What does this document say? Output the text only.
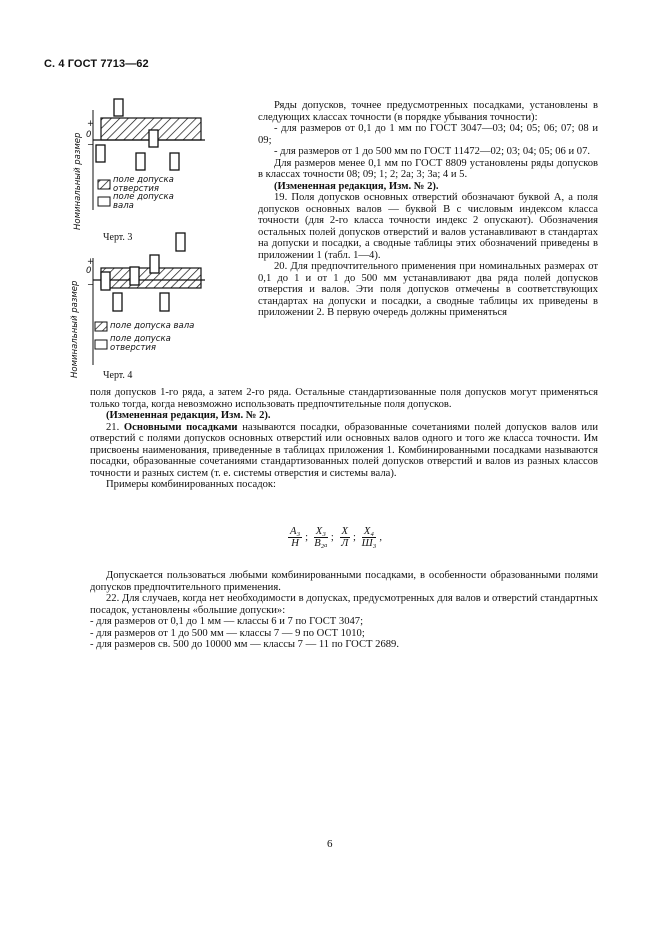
С. 4 ГОСТ 7713—62
Номинальный размер
+
0
−
поле допуска
отверстия
поле допуска
вала
Черт. 3
Номинальный размер
+
0
−
поле допуска вала
поле допуска
отверстия
Черт. 4

Ряды допусков, точнее предусмотренных посадками, установлены в следующих классах точности (в порядке убывания точности):

- для размеров от 0,1 до 1 мм по ГОСТ 3047—03; 04; 05; 06; 07; 08 и 09;

- для размеров от 1 до 500 мм по ГОСТ 11472—02; 03; 04; 05; 06 и 07.

Для размеров менее 0,1 мм по ГОСТ 8809 установлены ряды допусков в классах точности 08; 09; 1; 2; 2а; 3; 3а; 4 и 5.

(Измененная редакция, Изм. № 2).

19. Поля допусков основных отверстий обозначают буквой А, а поля допусков основных валов — буквой В с числовым индексом класса точности (для 2-го класса точности индекс 2 опускают). Обозначения остальных полей допусков отверстий и валов устанавливают в стандартах на допуски и посадки, а сводные таблицы этих обозначений приведены в приложении 1 (табл. 1—4).

20. Для предпочтительного применения при номинальных размерах от 0,1 до 1 и от 1 до 500 мм устанавливают два ряда полей допусков отверстия и валов. Эти поля допусков отмечены в соответствующих стандартах на допуски и посадки, а сводные таблицы их приведены в приложении 2. В первую очередь должны применяться

поля допусков 1-го ряда, а затем 2-го ряда. Остальные стандартизованные поля допусков могут применяться только тогда, когда невозможно использовать предпочтительные поля допусков.

(Измененная редакция, Изм. № 2).

21. Основными посадками называются посадки, образованные сочетаниями полей допусков валов или отверстий с полями допусков основных отверстий или основных валов одного и того же класса точности. Им присвоены наименования, приведенные в таблицах приложения 1. Комбинированными посадками называются посадки, образованные сочетаниями стандартизованных полей допусков отверстий и валов из разных классов точности и разных систем (т. е. системы отверстия и системы вала).

Примеры комбинированных посадок:

$\frac{\text{A₃}}{H}$ ; $\frac{\text{X₃}}{\text{B₂ₐ}}$ ; $\frac{X}{Л}$ ; $\frac{\text{X₄}}{\text{Ш₃}}$ ,

Допускается пользоваться любыми комбинированными посадками, в особенности образованными полями допусков предпочтительного применения.

22. Для случаев, когда нет необходимости в допусках, предусмотренных для валов и отверстий стандартных посадок, установлены «большие допуски»:

- для размеров от 0,1 до 1 мм — классы 6 и 7 по ГОСТ 3047;

- для размеров от 1 до 500 мм — классы 7 — 9 по ОСТ 1010;

- для размеров св. 500 до 10000 мм — классы 7 — 11 по ГОСТ 2689.

6
